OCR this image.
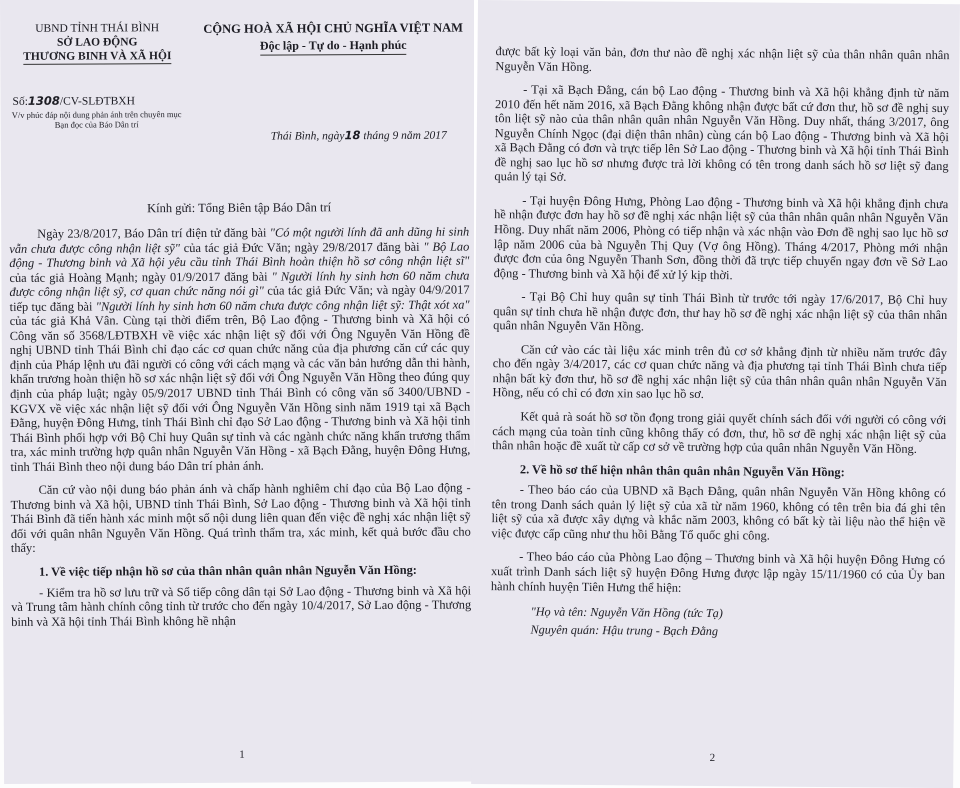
UBND TỈNH THÁI BÌNH
SỞ LAO ĐỘNG
THƯƠNG BINH VÀ XÃ HỘI
CỘNG HOÀ XÃ HỘI CHỦ NGHĨA VIỆT NAM
Độc lập - Tự do - Hạnh phúc
Số:1308/CV-SLĐTBXH
V/v phúc đáp nội dung phản ánh trên chuyên mục Bạn đọc của Báo Dân trí
Thái Bình, ngày18 tháng 9 năm 2017
Kính gửi: Tổng Biên tập Báo Dân trí

Ngày 23/8/2017, Báo Dân trí điện tử đăng bài "Có một người lính đã anh dũng hi sinh vẫn chưa được công nhận liệt sỹ" của tác giả Đức Văn; ngày 29/8/2017 đăng bài " Bộ Lao động - Thương binh và Xã hội yêu cầu tỉnh Thái Bình hoàn thiện hồ sơ công nhận liệt sĩ" của tác giả Hoàng Mạnh; ngày 01/9/2017 đăng bài " Người lính hy sinh hơn 60 năm chưa được công nhận liệt sỹ, cơ quan chức năng nói gì" của tác giả Đức Văn; và ngày 04/9/2017 tiếp tục đăng bài "Người lính hy sinh hơn 60 năm chưa được công nhận liệt sỹ: Thật xót xa" của tác giả Khả Vân. Cùng tại thời điểm trên, Bộ Lao động - Thương binh và Xã hội có Công văn số 3568/LĐTBXH về việc xác nhận liệt sỹ đối với Ông Nguyễn Văn Hồng đề nghị UBND tỉnh Thái Bình chỉ đạo các cơ quan chức năng của địa phương căn cứ các quy định của Pháp lệnh ưu đãi người có công với cách mạng và các văn bản hướng dẫn thi hành, khẩn trương hoàn thiện hồ sơ xác nhận liệt sỹ đối với Ông Nguyễn Văn Hồng theo đúng quy định của pháp luật; ngày 05/9/2017 UBND tỉnh Thái Bình có công văn số 3400/UBND - KGVX về việc xác nhận liệt sỹ đối với Ông Nguyễn Văn Hồng sinh năm 1919 tại xã Bạch Đằng, huyện Đông Hưng, tỉnh Thái Bình chỉ đạo Sở Lao động - Thương binh và Xã hội tỉnh Thái Bình phối hợp với Bộ Chỉ huy Quân sự tỉnh và các ngành chức năng khẩn trương thẩm tra, xác minh trường hợp quân nhân Nguyễn Văn Hồng - xã Bạch Đằng, huyện Đông Hưng, tỉnh Thái Bình theo nội dung báo Dân trí phản ánh.

Căn cứ vào nội dung báo phản ánh và chấp hành nghiêm chỉ đạo của Bộ Lao động - Thương binh và Xã hội, UBND tỉnh Thái Bình, Sở Lao động - Thương binh và Xã hội tỉnh Thái Bình đã tiến hành xác minh một số nội dung liên quan đến việc đề nghị xác nhận liệt sỹ đối với quân nhân Nguyễn Văn Hồng. Quá trình thẩm tra, xác minh, kết quả bước đầu cho thấy:

1. Về việc tiếp nhận hồ sơ của thân nhân quân nhân Nguyễn Văn Hồng:

- Kiểm tra hồ sơ lưu trữ và Sổ tiếp công dân tại Sở Lao động - Thương binh và Xã hội và Trung tâm hành chính công tỉnh từ trước cho đến ngày 10/4/2017, Sở Lao động - Thương binh và Xã hội tỉnh Thái Bình không hề nhận

1

được bất kỳ loại văn bản, đơn thư nào đề nghị xác nhận liệt sỹ của thân nhân quân nhân Nguyễn Văn Hồng.

- Tại xã Bạch Đằng, cán bộ Lao động - Thương binh và Xã hội khẳng định từ năm 2010 đến hết năm 2016, xã Bạch Đằng không nhận được bất cứ đơn thư, hồ sơ đề nghị suy tôn liệt sỹ nào của thân nhân quân nhân Nguyễn Văn Hồng. Duy nhất, tháng 3/2017, ông Nguyễn Chính Ngọc (đại diện thân nhân) cùng cán bộ Lao động - Thương binh và Xã hội xã Bạch Đằng có đơn và trực tiếp lên Sở Lao động - Thương binh và Xã hội tỉnh Thái Bình đề nghị sao lục hồ sơ nhưng được trả lời không có tên trong danh sách hồ sơ liệt sỹ đang quản lý tại Sở.

- Tại huyện Đông Hưng, Phòng Lao động - Thương binh và Xã hội khẳng định chưa hề nhận được đơn hay hồ sơ đề nghị xác nhận liệt sỹ của thân nhân quân nhân Nguyễn Văn Hồng. Duy nhất năm 2006, Phòng có tiếp nhận và xác nhận vào Đơn đề nghị sao lục hồ sơ lập năm 2006 của bà Nguyễn Thị Quy (Vợ ông Hồng). Tháng 4/2017, Phòng mới nhận được đơn của ông Nguyễn Thanh Sơn, đồng thời đã trực tiếp chuyển ngay đơn về Sở Lao động - Thương binh và Xã hội để xử lý kịp thời.

- Tại Bộ Chỉ huy quân sự tỉnh Thái Bình từ trước tới ngày 17/6/2017, Bộ Chỉ huy quân sự tỉnh chưa hề nhận được đơn, thư hay hồ sơ đề nghị xác nhận liệt sỹ của thân nhân quân nhân Nguyễn Văn Hồng.

Căn cứ vào các tài liệu xác minh trên đủ cơ sở khẳng định từ nhiều năm trước đây cho đến ngày 3/4/2017, các cơ quan chức năng và địa phương tại tỉnh Thái Bình chưa tiếp nhận bất kỳ đơn thư, hồ sơ đề nghị xác nhận liệt sỹ của thân nhân quân nhân Nguyễn Văn Hồng, nếu có chỉ có đơn xin sao lục hồ sơ.

Kết quả rà soát hồ sơ tồn đọng trong giải quyết chính sách đối với người có công với cách mạng của toàn tỉnh cũng không thấy có đơn, thư, hồ sơ đề nghị xác nhận liệt sỹ của thân nhân hoặc đề xuất từ cấp cơ sở về trường hợp của quân nhân Nguyễn Văn Hồng.

2. Về hồ sơ thể hiện nhân thân quân nhân Nguyễn Văn Hồng:

- Theo báo cáo của UBND xã Bạch Đằng, quân nhân Nguyễn Văn Hồng không có tên trong Danh sách quản lý liệt sỹ của xã từ năm 1960, không có tên trên bia đá ghi tên liệt sỹ của xã được xây dựng và khắc năm 2003, không có bất kỳ tài liệu nào thể hiện về việc được cấp cũng như thu hồi Bằng Tổ quốc ghi công.

- Theo báo cáo của Phòng Lao động – Thương binh và Xã hội huyện Đông Hưng có xuất trình Danh sách liệt sỹ huyện Đông Hưng được lập ngày 15/11/1960 có của Ủy ban hành chính huyện Tiên Hưng thể hiện:

"Họ và tên: Nguyễn Văn Hồng (tức Tạ)

Nguyên quán: Hậu trung - Bạch Đằng

2
